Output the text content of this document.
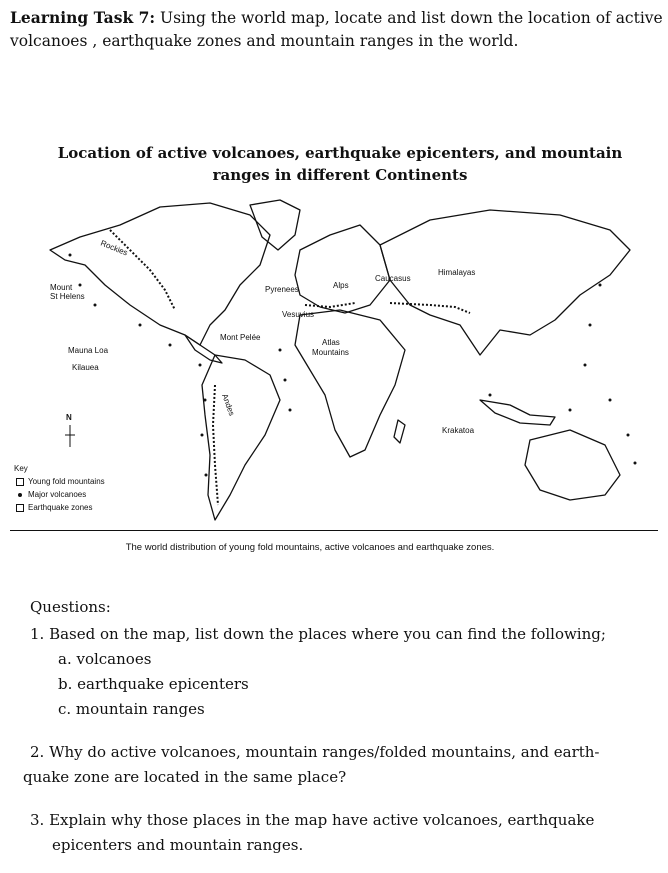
Learning Task 7: Using the world map, locate and list down the location of active volcanoes , earthquake zones and mountain ranges in the world.
Location of active volcanoes, earthquake epicenters, and mountain ranges in different Continents
Rockies
Mount
St Helens
Mauna Loa
Kilauea
Pyrenees	Alps
Caucasus
Himalayas
Vesuvius
Mont Pelée
Atlas
Mountains
Andes
Krakatoa
N
Key
Young fold mountains
Major volcanoes
Earthquake zones
The world distribution of young fold mountains, active volcanoes and earthquake zones.
Questions:
1. Based on the map, list down the places where you can find the following;
a. volcanoes
b. earthquake epicenters
c. mountain ranges
2. Why do active volcanoes, mountain ranges/folded mountains, and earth-
quake zone are located in the same place?
3. Explain why those places in the map have active volcanoes, earthquake
epicenters and mountain ranges.
